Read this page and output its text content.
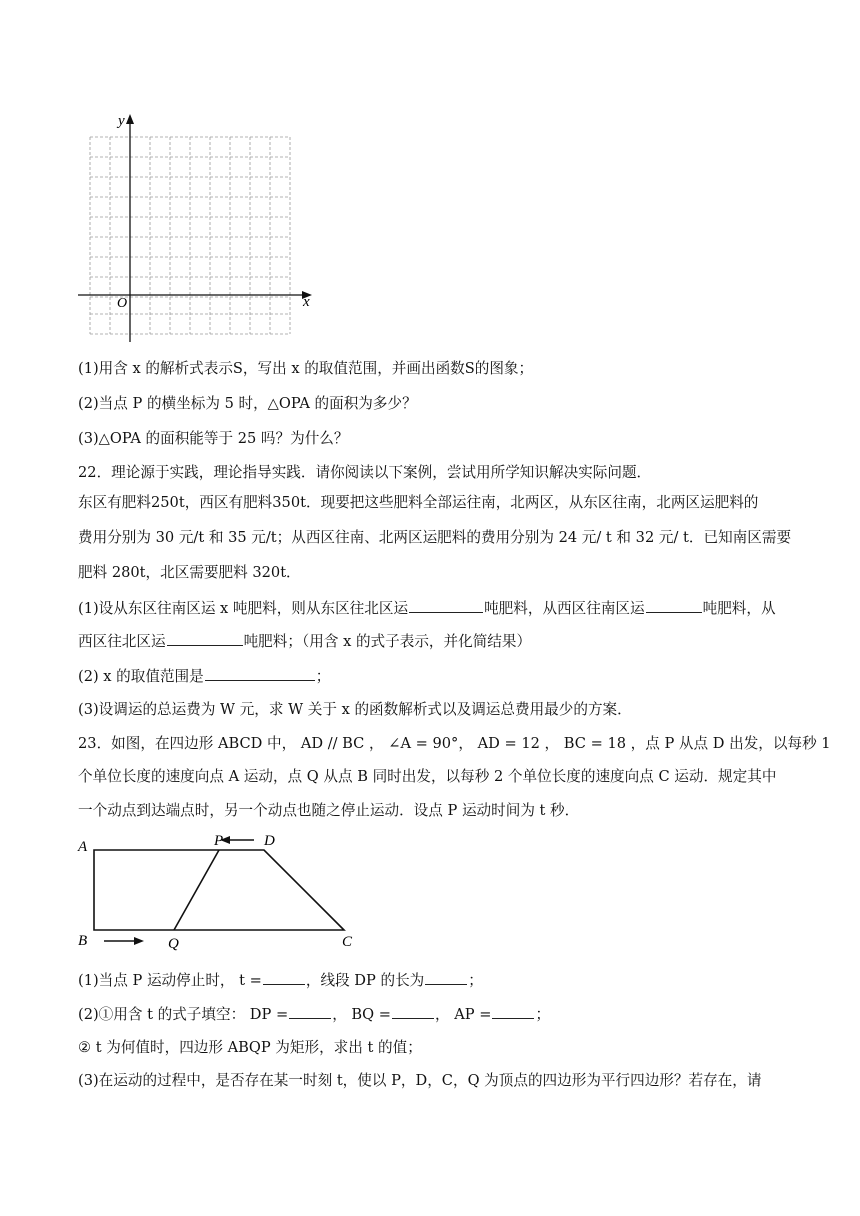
y
x
O
(1)用含 x 的解析式表示S，写出 x 的取值范围，并画出函数S的图象；
(2)当点 P 的横坐标为 5 时，△OPA 的面积为多少？
(3)△OPA 的面积能等于 25 吗？为什么？
22．理论源于实践，理论指导实践．请你阅读以下案例，尝试用所学知识解决实际问题．
东区有肥料250t，西区有肥料350t．现要把这些肥料全部运往南，北两区，从东区往南，北两区运肥料的
费用分别为 30 元/t 和 35 元/t；从西区往南、北两区运肥料的费用分别为 24 元/ t 和 32 元/ t．已知南区需要
肥料 280t，北区需要肥料 320t．
(1)设从东区往南区运 x 吨肥料，则从东区往北区运	吨肥料，从西区往南区运	吨肥料，从
西区往北区运	吨肥料；（用含 x 的式子表示，并化简结果）
(2) x 的取值范围是	；
(3)设调运的总运费为 W 元，求 W 关于 x 的函数解析式以及调运总费用最少的方案．
23．如图，在四边形 ABCD 中， AD // BC ， ∠A = 90°， AD = 12 ， BC = 18 ，点 P 从点 D 出发，以每秒 1
个单位长度的速度向点 A 运动，点 Q 从点 B 同时出发，以每秒 2 个单位长度的速度向点 C 运动．规定其中
一个动点到达端点时，另一个动点也随之停止运动．设点 P 运动时间为 t 秒．
A	P	D
B	Q	C
(1)当点 P 运动停止时， t =	，线段 DP 的长为	；
(2)①用含 t 的式子填空： DP =	， BQ =	， AP =	；
② t 为何值时，四边形 ABQP 为矩形，求出 t 的值；
(3)在运动的过程中，是否存在某一时刻 t，使以 P，D，C，Q 为顶点的四边形为平行四边形？若存在，请
